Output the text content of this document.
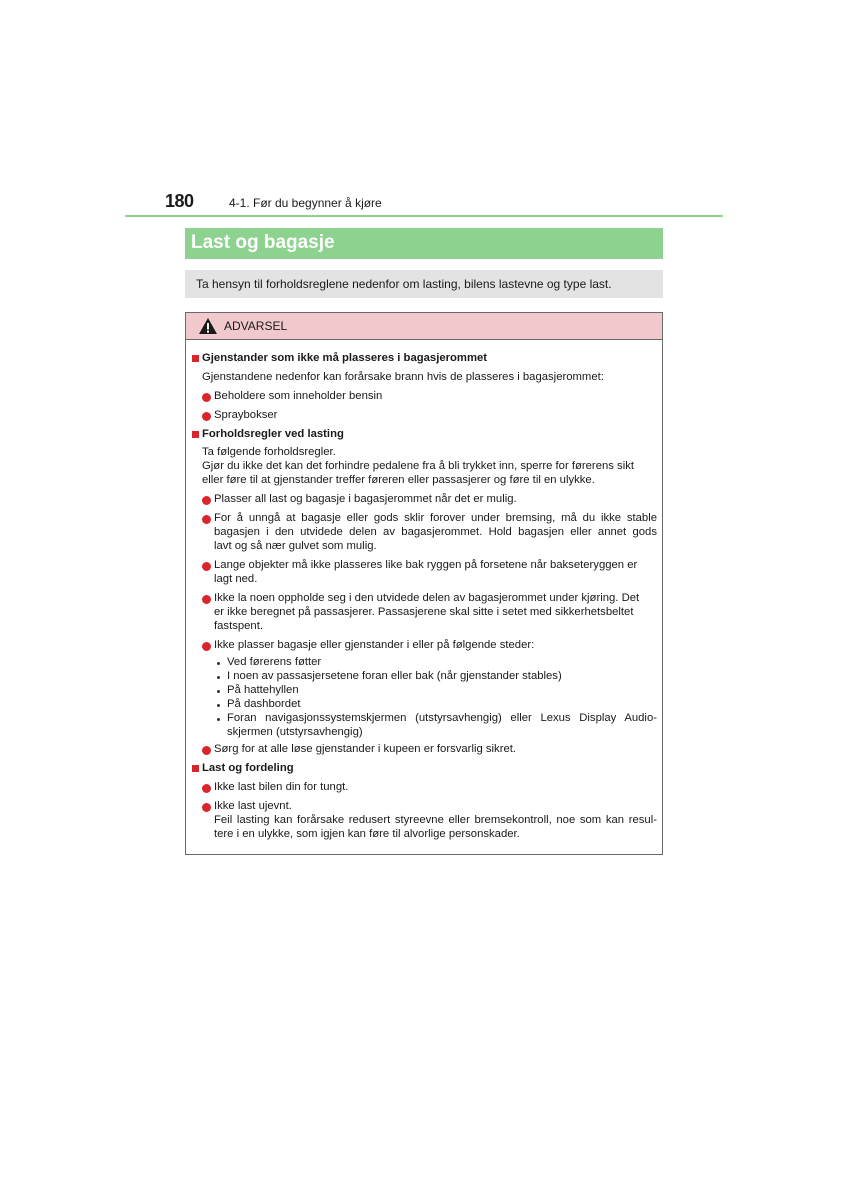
180	4-1. Før du begynner å kjøre
Last og bagasje
Ta hensyn til forholdsreglene nedenfor om lasting, bilens lastevne og type last.
ADVARSEL
Gjenstander som ikke må plasseres i bagasjerommet
Gjenstandene nedenfor kan forårsake brann hvis de plasseres i bagasjerommet:
Beholdere som inneholder bensin
Spraybokser
Forholdsregler ved lasting
Ta følgende forholdsregler.
Gjør du ikke det kan det forhindre pedalene fra å bli trykket inn, sperre for førerens sikt
eller føre til at gjenstander treffer føreren eller passasjerer og føre til en ulykke.
Plasser all last og bagasje i bagasjerommet når det er mulig.
For å unngå at bagasje eller gods sklir forover under bremsing, må du ikke stable
bagasjen i den utvidede delen av bagasjerommet. Hold bagasjen eller annet gods
lavt og så nær gulvet som mulig.
Lange objekter må ikke plasseres like bak ryggen på forsetene når bakseteryggen er
lagt ned.
Ikke la noen oppholde seg i den utvidede delen av bagasjerommet under kjøring. Det
er ikke beregnet på passasjerer. Passasjerene skal sitte i setet med sikkerhetsbeltet
fastspent.
Ikke plasser bagasje eller gjenstander i eller på følgende steder:
Ved førerens føtter
I noen av passasjersetene foran eller bak (når gjenstander stables)
På hattehyllen
På dashbordet
Foran navigasjonssystemskjermen (utstyrsavhengig) eller Lexus Display Audio-
skjermen (utstyrsavhengig)
Sørg for at alle løse gjenstander i kupeen er forsvarlig sikret.
Last og fordeling
Ikke last bilen din for tungt.
Ikke last ujevnt.
Feil lasting kan forårsake redusert styreevne eller bremsekontroll, noe som kan resul-
tere i en ulykke, som igjen kan føre til alvorlige personskader.
